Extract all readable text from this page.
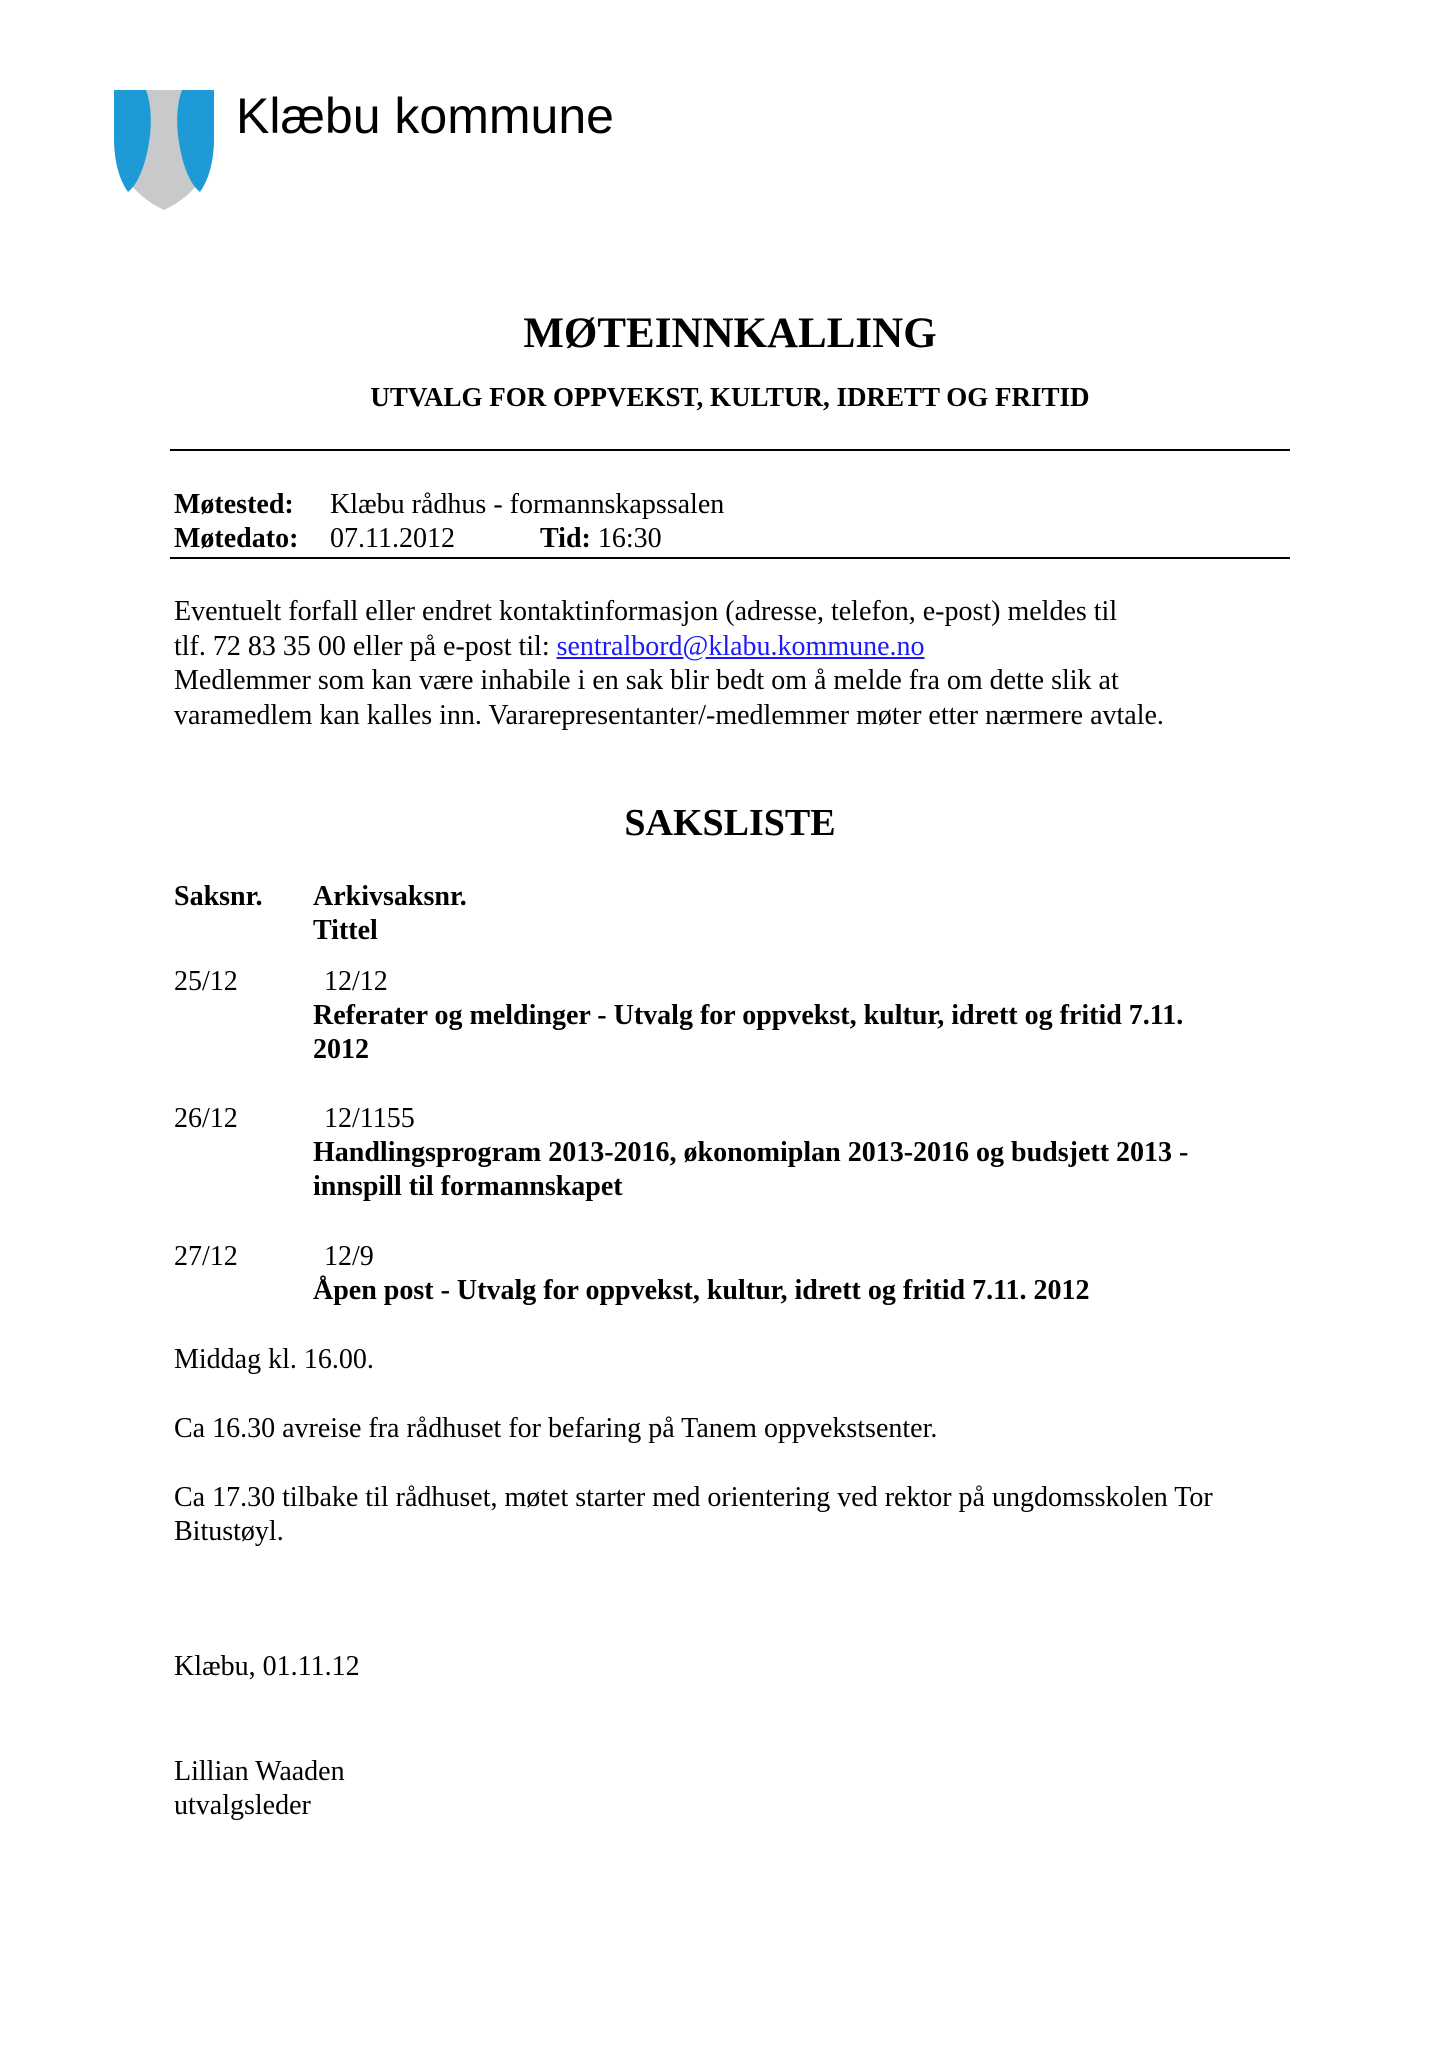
Klæbu kommune
MØTEINNKALLING
UTVALG FOR OPPVEKST, KULTUR, IDRETT OG FRITID
Møtested: Klæbu rådhus - formannskapssalen
Møtedato: 07.11.2012	Tid: 16:30
Eventuelt forfall eller endret kontaktinformasjon (adresse, telefon, e-post) meldes til
tlf. 72 83 35 00 eller på e-post til: sentralbord@klabu.kommune.no
Medlemmer som kan være inhabile i en sak blir bedt om å melde fra om dette slik at
varamedlem kan kalles inn. Vararepresentanter/-medlemmer møter etter nærmere avtale.
SAKSLISTE
Saksnr. Arkivsaksnr.
Tittel
25/12	12/12
Referater og meldinger - Utvalg for oppvekst, kultur, idrett og fritid 7.11.
2012
26/12	12/1155
Handlingsprogram 2013-2016, økonomiplan 2013-2016 og budsjett 2013 -
innspill til formannskapet
27/12	12/9
Åpen post - Utvalg for oppvekst, kultur, idrett og fritid 7.11. 2012
Middag kl. 16.00.
Ca 16.30 avreise fra rådhuset for befaring på Tanem oppvekstsenter.
Ca 17.30 tilbake til rådhuset, møtet starter med orientering ved rektor på ungdomsskolen Tor
Bitustøyl.
Klæbu, 01.11.12
Lillian Waaden
utvalgsleder
